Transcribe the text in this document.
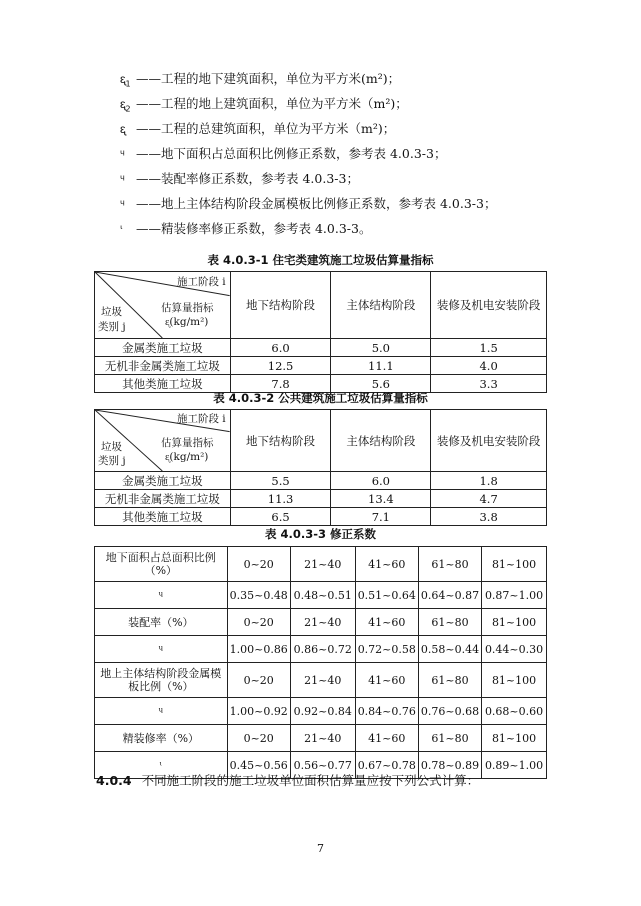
ᶓ$_1$ ——工程的地下建筑面积，单位为平方米(m²)；
ᶓ$_2$ ——工程的地上建筑面积，单位为平方米（m²)；
ᶓ ——工程的总建筑面积，单位为平方米（m²)；
ᶣ ——地下面积占总面积比例修正系数，参考表 4.0.3-3；
ᶣ ——装配率修正系数，参考表 4.0.3-3；
ᶣ ——地上主体结构阶段金属模板比例修正系数，参考表 4.0.3-3；
ᶥ ——精装修率修正系数，参考表 4.0.3-3。
表 4.0.3-1 住宅类建筑施工垃圾估算量指标
施工阶段 i
估算量指标
ᶓ(kg/m²)
垃圾
类别 j	地下结构阶段	主体结构阶段	装修及机电安装阶段
金属类施工垃圾	6.0	5.0	1.5
无机非金属类施工垃圾	12.5	11.1	4.0
其他类施工垃圾	7.8	5.6	3.3
表 4.0.3-2 公共建筑施工垃圾估算量指标
施工阶段 i
估算量指标
ᶓ(kg/m²)
垃圾
类别 j	地下结构阶段	主体结构阶段	装修及机电安装阶段
金属类施工垃圾	5.5	6.0	1.8
无机非金属类施工垃圾	11.3	13.4	4.7
其他类施工垃圾	6.5	7.1	3.8
表 4.0.3-3 修正系数
地下面积占总面积比例（%）	0~20	21~40	41~60	61~80	81~100
ᶣ	0.35~0.48	0.48~0.51	0.51~0.64	0.64~0.87	0.87~1.00
装配率（%）	0~20	21~40	41~60	61~80	81~100
ᶣ	1.00~0.86	0.86~0.72	0.72~0.58	0.58~0.44	0.44~0.30
地上主体结构阶段金属模板比例（%）	0~20	21~40	41~60	61~80	81~100
ᶣ	1.00~0.92	0.92~0.84	0.84~0.76	0.76~0.68	0.68~0.60
精装修率（%）	0~20	21~40	41~60	61~80	81~100
ᶥ	0.45~0.56	0.56~0.77	0.67~0.78	0.78~0.89	0.89~1.00
4.0.4 不同施工阶段的施工垃圾单位面积估算量应按下列公式计算：
7
